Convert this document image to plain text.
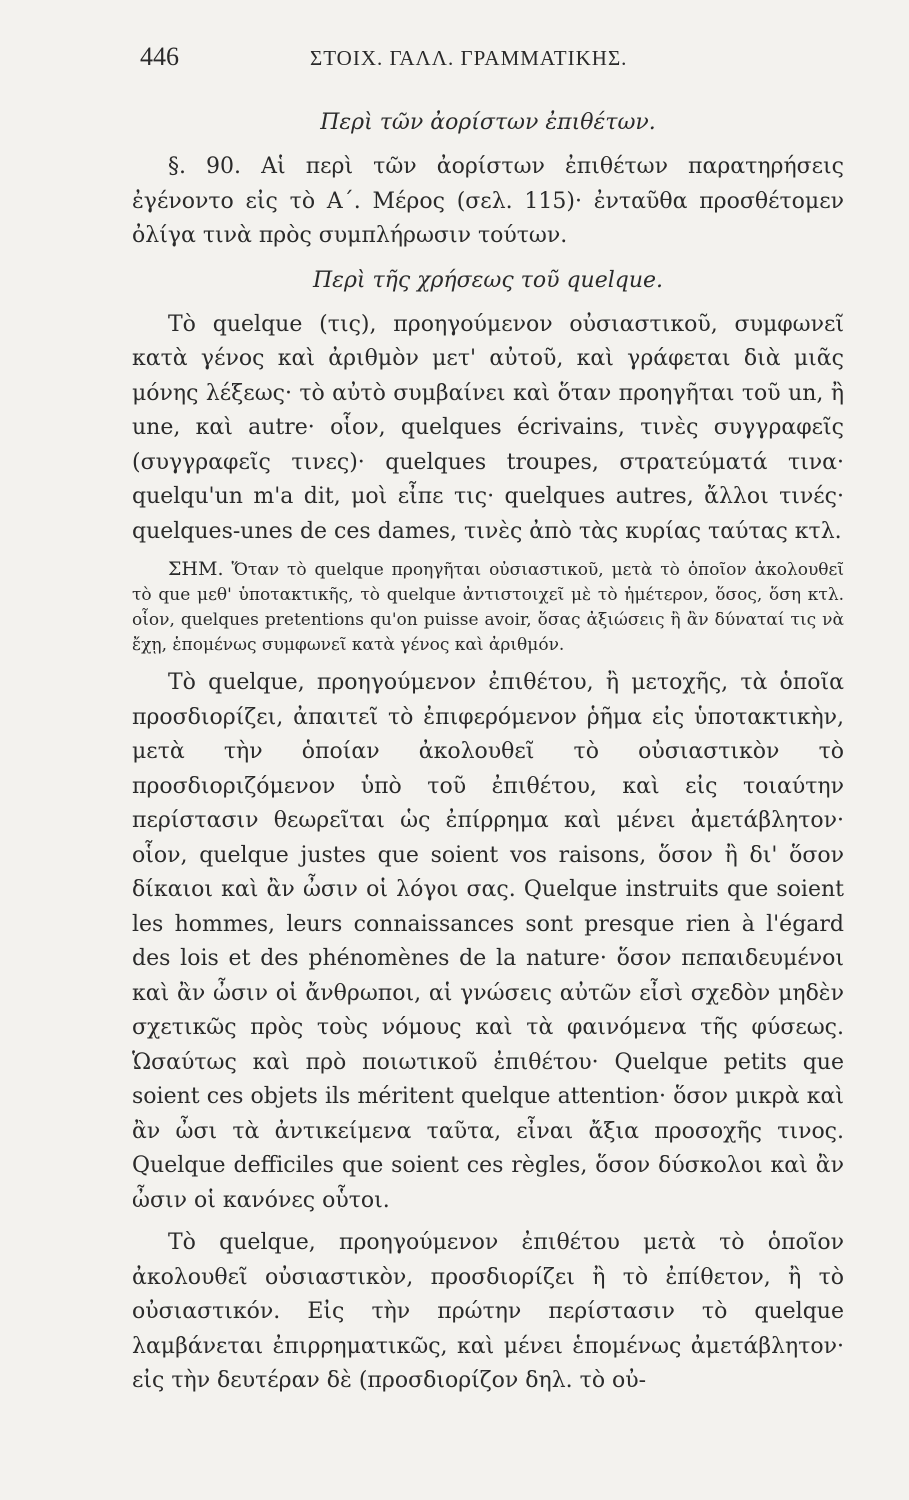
446	ΣΤΟΙΧ. ΓΑΛΛ. ΓΡΑΜΜΑΤΙΚΗΣ.
Περὶ τῶν ἀορίστων ἐπιθέτων.

§. 90. Αἱ περὶ τῶν ἀορίστων ἐπιθέτων παρατηρήσεις ἐγένοντο εἰς τὸ Α΄. Μέρος (σελ. 115)· ἐνταῦθα προσθέτομεν ὀλίγα τινὰ πρὸς συμπλήρωσιν τούτων.

Περὶ τῆς χρήσεως τοῦ quelque.

Τὸ quelque (τις), προηγούμενον οὐσιαστικοῦ, συμφωνεῖ κατὰ γένος καὶ ἀριθμὸν μετ' αὐτοῦ, καὶ γράφεται διὰ μιᾶς μόνης λέξεως· τὸ αὐτὸ συμβαίνει καὶ ὅταν προηγῆται τοῦ un, ἢ une, καὶ autre· οἷον, quelques écrivains, τινὲς συγγραφεῖς (συγγραφεῖς τινες)· quelques troupes, στρατεύματά τινα· quelqu'un m'a dit, μοὶ εἶπε τις· quelques autres, ἄλλοι τινές· quelques-unes de ces dames, τινὲς ἀπὸ τὰς κυρίας ταύτας κτλ.

ΣΗΜ. Ὅταν τὸ quelque προηγῆται οὐσιαστικοῦ, μετὰ τὸ ὁποῖον ἀκολουθεῖ τὸ que μεθ' ὑποτακτικῆς, τὸ quelque ἀντιστοιχεῖ μὲ τὸ ἡμέτερον, ὅσος, ὅση κτλ. οἷον, quelques pretentions qu'on puisse avoir, ὅσας ἀξιώσεις ἢ ἂν δύναταί τις νὰ ἔχῃ, ἑπομένως συμφωνεῖ κατὰ γένος καὶ ἀριθμόν.

Τὸ quelque, προηγούμενον ἐπιθέτου, ἢ μετοχῆς, τὰ ὁποῖα προσδιορίζει, ἀπαιτεῖ τὸ ἐπιφερόμενον ῥῆμα εἰς ὑποτακτικὴν, μετὰ τὴν ὁποίαν ἀκολουθεῖ τὸ οὐσιαστικὸν τὸ προσδιοριζόμενον ὑπὸ τοῦ ἐπιθέτου, καὶ εἰς τοιαύτην περίστασιν θεωρεῖται ὡς ἐπίρρημα καὶ μένει ἀμετάβλητον· οἷον, quelque justes que soient vos raisons, ὅσον ἢ δι' ὅσον δίκαιοι καὶ ἂν ὦσιν οἱ λόγοι σας. Quelque instruits que soient les hommes, leurs connaissances sont presque rien à l'égard des lois et des phénomènes de la nature· ὅσον πεπαιδευμένοι καὶ ἂν ὦσιν οἱ ἄνθρωποι, αἱ γνώσεις αὐτῶν εἶσὶ σχεδὸν μηδὲν σχετικῶς πρὸς τοὺς νόμους καὶ τὰ φαινόμενα τῆς φύσεως. Ὡσαύτως καὶ πρὸ ποιωτικοῦ ἐπιθέτου· Quelque petits que soient ces objets ils méritent quelque attention· ὅσον μικρὰ καὶ ἂν ὦσι τὰ ἀντικείμενα ταῦτα, εἶναι ἄξια προσοχῆς τινος. Quelque defficiles que soient ces règles, ὅσον δύσκολοι καὶ ἂν ὦσιν οἱ κανόνες οὗτοι.

Τὸ quelque, προηγούμενον ἐπιθέτου μετὰ τὸ ὁποῖον ἀκολουθεῖ οὐσιαστικὸν, προσδιορίζει ἢ τὸ ἐπίθετον, ἢ τὸ οὐσιαστικόν. Εἰς τὴν πρώτην περίστασιν τὸ quelque λαμβάνεται ἐπιρρηματικῶς, καὶ μένει ἑπομένως ἀμετάβλητον· εἰς τὴν δευτέραν δὲ (προσδιορίζον δηλ. τὸ οὐ-
